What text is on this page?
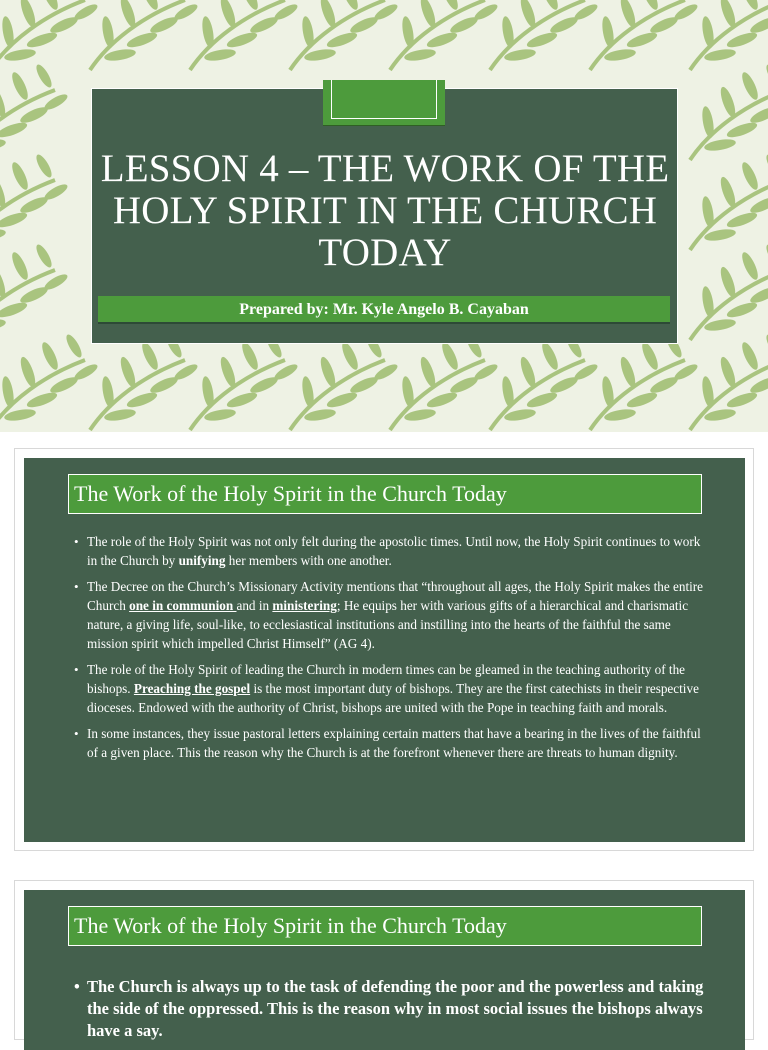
LESSON 4 – THE WORK OF THE HOLY SPIRIT IN THE CHURCH TODAY
Prepared by: Mr. Kyle Angelo B. Cayaban
The Work of the Holy Spirit in the Church Today
• The role of the Holy Spirit was not only felt during the apostolic times. Until now, the Holy Spirit continues to work in the Church by unifying her members with one another.
• The Decree on the Church’s Missionary Activity mentions that “throughout all ages, the Holy Spirit makes the entire Church one in communion and in ministering; He equips her with various gifts of a hierarchical and charismatic nature, a giving life, soul-like, to ecclesiastical institutions and instilling into the hearts of the faithful the same mission spirit which impelled Christ Himself” (AG 4).
• The role of the Holy Spirit of leading the Church in modern times can be gleamed in the teaching authority of the bishops. Preaching the gospel is the most important duty of bishops. They are the first catechists in their respective dioceses. Endowed with the authority of Christ, bishops are united with the Pope in teaching faith and morals.
• In some instances, they issue pastoral letters explaining certain matters that have a bearing in the lives of the faithful of a given place. This the reason why the Church is at the forefront whenever there are threats to human dignity.
The Work of the Holy Spirit in the Church Today
• The Church is always up to the task of defending the poor and the powerless and taking the side of the oppressed. This is the reason why in most social issues the bishops always have a say.
